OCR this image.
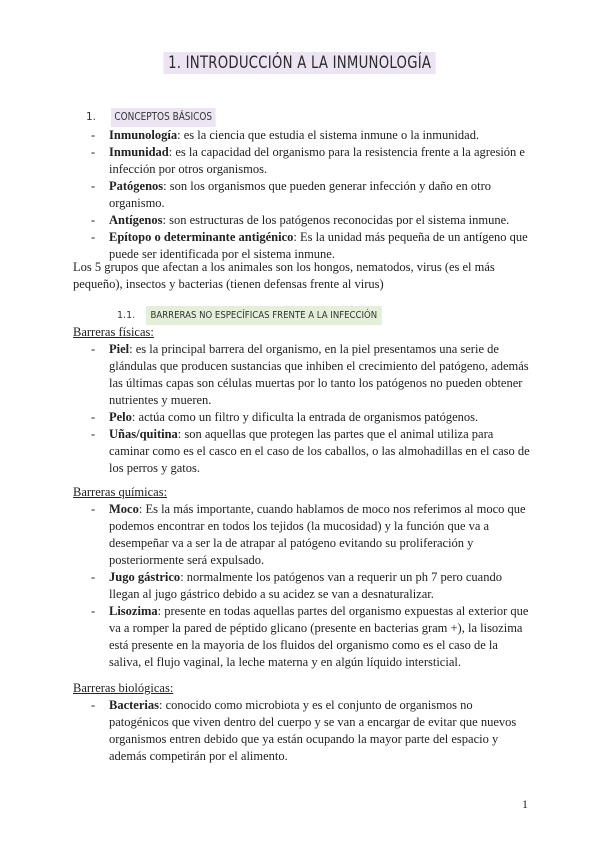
1. INTRODUCCIÓN A LA INMUNOLOGÍA
1. CONCEPTOS BÁSICOS
- Inmunología: es la ciencia que estudia el sistema inmune o la inmunidad.
- Inmunidad: es la capacidad del organismo para la resistencia frente a la agresión e infección por otros organismos.
- Patógenos: son los organismos que pueden generar infección y daño en otro organismo.
- Antígenos: son estructuras de los patógenos reconocidas por el sistema inmune.
- Epítopo o determinante antigénico: Es la unidad más pequeña de un antígeno que puede ser identificada por el sistema inmune.
Los 5 grupos que afectan a los animales son los hongos, nematodos, virus (es el más pequeño), insectos y bacterias (tienen defensas frente al virus)
1.1. BARRERAS NO ESPECÍFICAS FRENTE A LA INFECCIÓN
Barreras físicas:
- Piel: es la principal barrera del organismo, en la piel presentamos una serie de glándulas que producen sustancias que inhiben el crecimiento del patógeno, además las últimas capas son células muertas por lo tanto los patógenos no pueden obtener nutrientes y mueren.
- Pelo: actúa como un filtro y dificulta la entrada de organismos patógenos.
- Uñas/quitina: son aquellas que protegen las partes que el animal utiliza para caminar como es el casco en el caso de los caballos, o las almohadillas en el caso de los perros y gatos.
Barreras químicas:
- Moco: Es la más importante, cuando hablamos de moco nos referimos al moco que podemos encontrar en todos los tejidos (la mucosidad) y la función que va a desempeñar va a ser la de atrapar al patógeno evitando su proliferación y posteriormente será expulsado.
- Jugo gástrico: normalmente los patógenos van a requerir un ph 7 pero cuando llegan al jugo gástrico debido a su acidez se van a desnaturalizar.
- Lisozima: presente en todas aquellas partes del organismo expuestas al exterior que va a romper la pared de péptido glicano (presente en bacterias gram +), la lisozima está presente en la mayoria de los fluidos del organismo como es el caso de la saliva, el flujo vaginal, la leche materna y en algún líquido intersticial.
Barreras biológicas:
- Bacterias: conocido como microbiota y es el conjunto de organismos no patogénicos que viven dentro del cuerpo y se van a encargar de evitar que nuevos organismos entren debido que ya están ocupando la mayor parte del espacio y además competirán por el alimento.
1
